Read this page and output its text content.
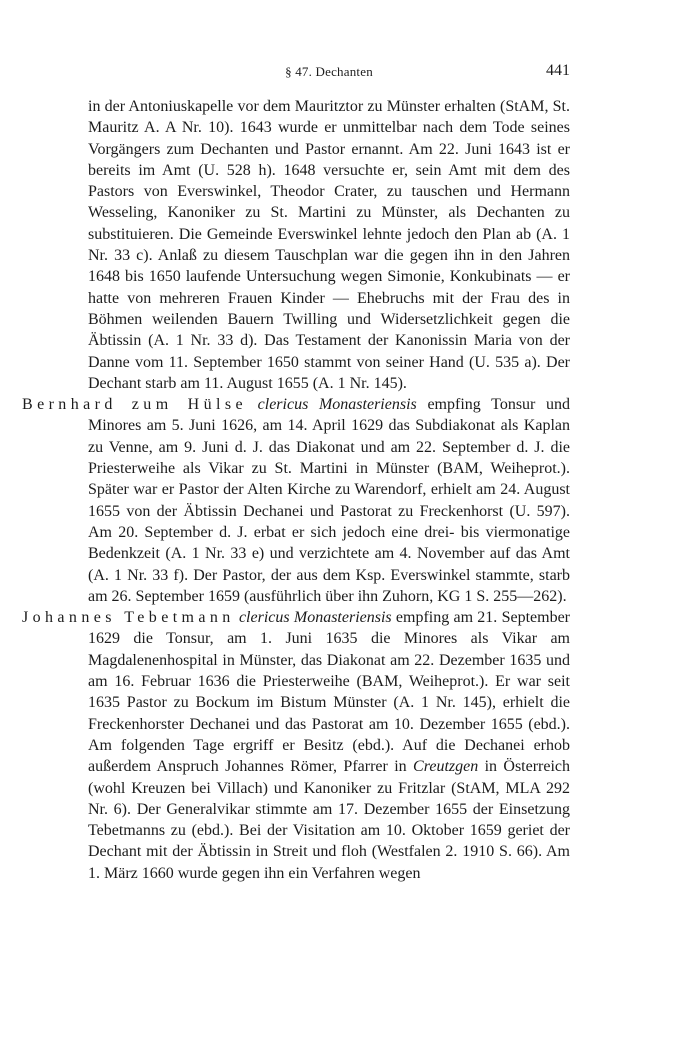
§ 47. Dechanten	441

in der Antoniuskapelle vor dem Mauritztor zu Münster erhalten (StAM, St. Mauritz A. A Nr. 10). 1643 wurde er unmittelbar nach dem Tode seines Vorgängers zum Dechanten und Pastor ernannt. Am 22. Juni 1643 ist er bereits im Amt (U. 528 h). 1648 versuchte er, sein Amt mit dem des Pastors von Everswinkel, Theodor Crater, zu tauschen und Hermann Wesseling, Kanoniker zu St. Martini zu Münster, als Dechanten zu substituieren. Die Gemeinde Everswinkel lehnte jedoch den Plan ab (A. 1 Nr. 33 c). Anlaß zu diesem Tauschplan war die gegen ihn in den Jahren 1648 bis 1650 laufende Untersuchung wegen Simonie, Konkubinats — er hatte von mehreren Frauen Kinder — Ehebruchs mit der Frau des in Böhmen weilenden Bauern Twilling und Widersetzlichkeit gegen die Äbtissin (A. 1 Nr. 33 d). Das Testament der Kanonissin Maria von der Danne vom 11. September 1650 stammt von seiner Hand (U. 535 a). Der Dechant starb am 11. August 1655 (A. 1 Nr. 145).

Bernhard zum Hülse clericus Monasteriensis empfing Tonsur und Minores am 5. Juni 1626, am 14. April 1629 das Subdiakonat als Kaplan zu Venne, am 9. Juni d. J. das Diakonat und am 22. September d. J. die Priesterweihe als Vikar zu St. Martini in Münster (BAM, Weiheprot.). Später war er Pastor der Alten Kirche zu Warendorf, erhielt am 24. August 1655 von der Äbtissin Dechanei und Pastorat zu Freckenhorst (U. 597). Am 20. September d. J. erbat er sich jedoch eine drei- bis viermonatige Bedenkzeit (A. 1 Nr. 33 e) und verzichtete am 4. November auf das Amt (A. 1 Nr. 33 f). Der Pastor, der aus dem Ksp. Everswinkel stammte, starb am 26. September 1659 (ausführlich über ihn Zuhorn, KG 1 S. 255—262).

Johannes Tebetmann clericus Monasteriensis empfing am 21. September 1629 die Tonsur, am 1. Juni 1635 die Minores als Vikar am Magdalenenhospital in Münster, das Diakonat am 22. Dezember 1635 und am 16. Februar 1636 die Priesterweihe (BAM, Weiheprot.). Er war seit 1635 Pastor zu Bockum im Bistum Münster (A. 1 Nr. 145), erhielt die Freckenhorster Dechanei und das Pastorat am 10. Dezember 1655 (ebd.). Am folgenden Tage ergriff er Besitz (ebd.). Auf die Dechanei erhob außerdem Anspruch Johannes Römer, Pfarrer in Creutzgen in Österreich (wohl Kreuzen bei Villach) und Kanoniker zu Fritzlar (StAM, MLA 292 Nr. 6). Der Generalvikar stimmte am 17. Dezember 1655 der Einsetzung Tebetmanns zu (ebd.). Bei der Visitation am 10. Oktober 1659 geriet der Dechant mit der Äbtissin in Streit und floh (Westfalen 2. 1910 S. 66). Am 1. März 1660 wurde gegen ihn ein Verfahren wegen
